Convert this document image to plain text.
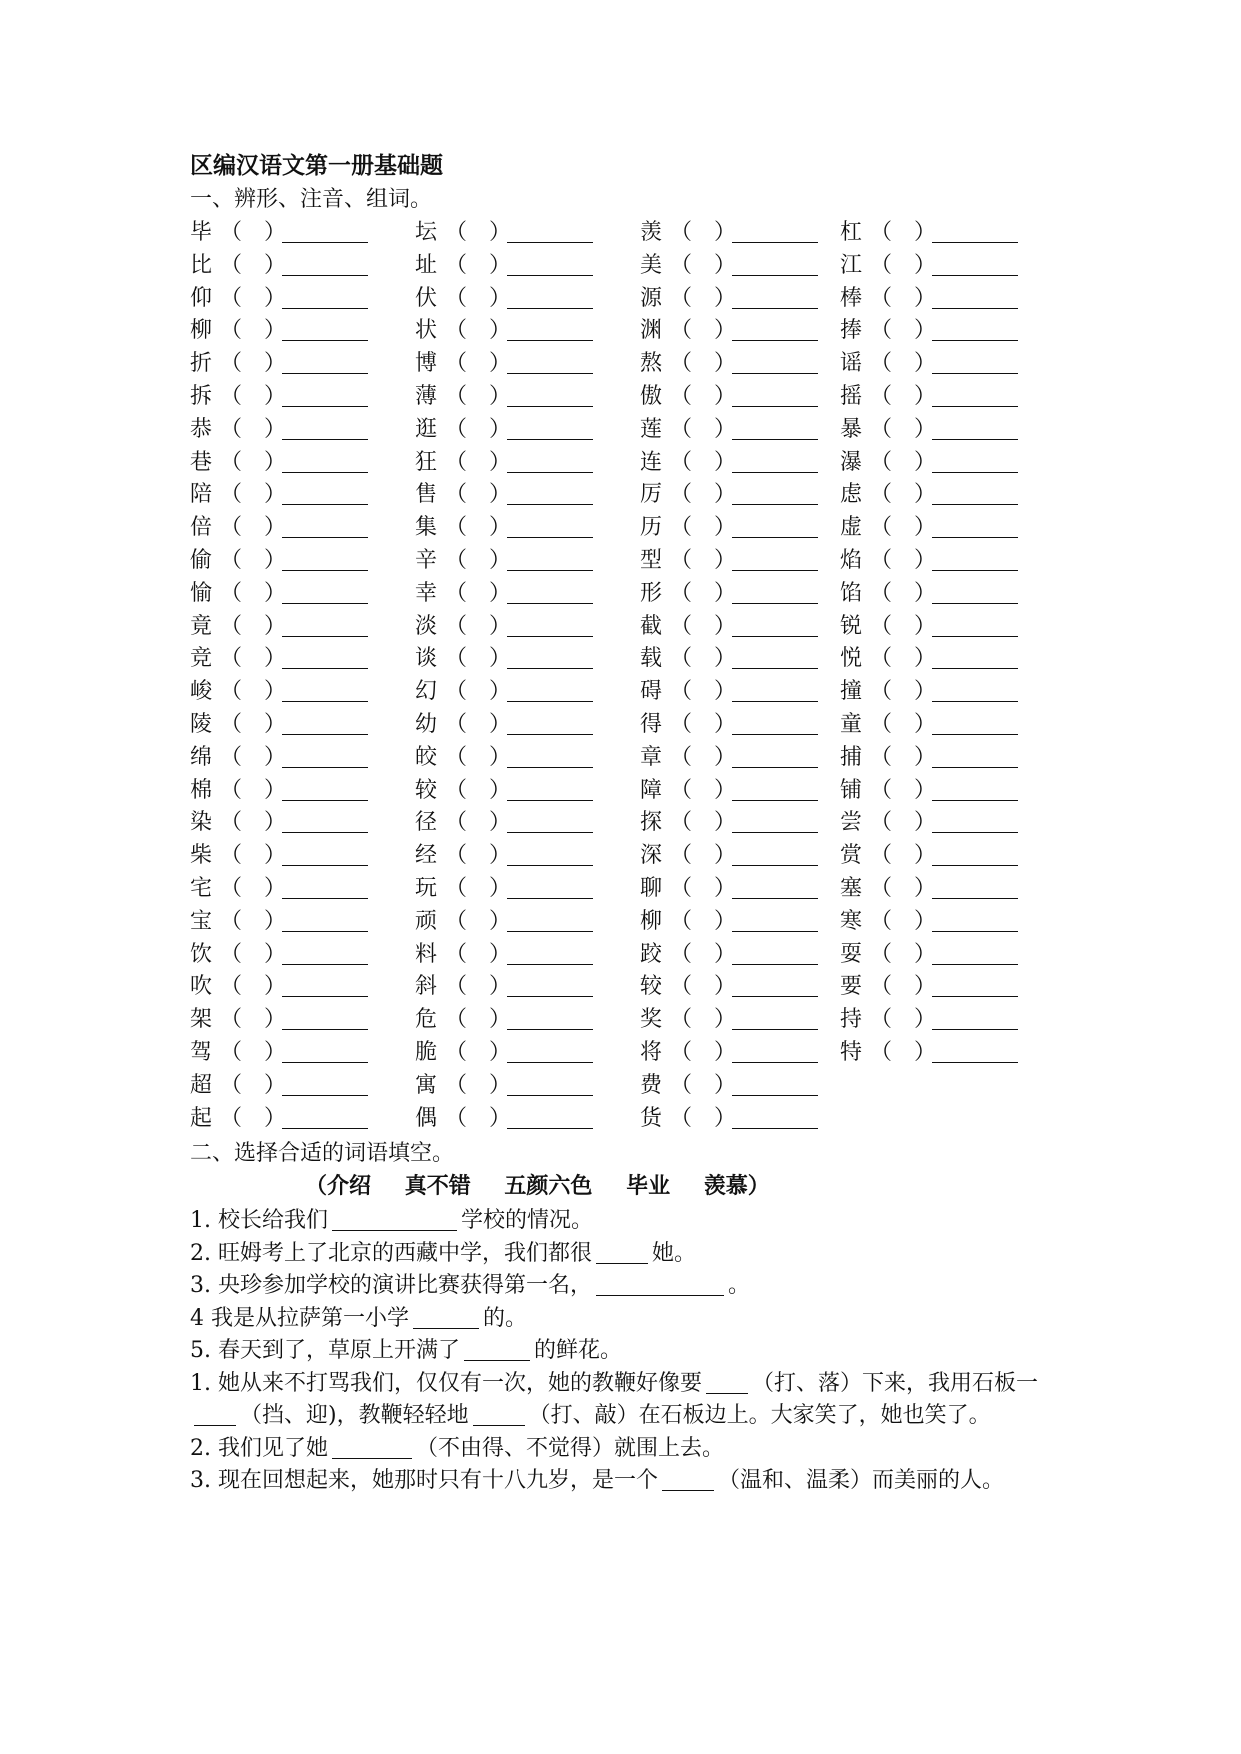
区编汉语文第一册基础题
一、辨形、注音、组词。
毕 （　）	坛 （　）	羡 （　）	杠 （　）
比 （　）	址 （　）	美 （　）	江 （　）
仰 （　）	伏 （　）	源 （　）	棒 （　）
柳 （　）	状 （　）	渊 （　）	捧 （　）
折 （　）	博 （　）	熬 （　）	谣 （　）
拆 （　）	薄 （　）	傲 （　）	摇 （　）
恭 （　）	逛 （　）	莲 （　）	暴 （　）
巷 （　）	狂 （　）	连 （　）	瀑 （　）
陪 （　）	售 （　）	厉 （　）	虑 （　）
倍 （　）	集 （　）	历 （　）	虚 （　）
偷 （　）	辛 （　）	型 （　）	焰 （　）
愉 （　）	幸 （　）	形 （　）	馅 （　）
竟 （　）	淡 （　）	截 （　）	锐 （　）
竞 （　）	谈 （　）	载 （　）	悦 （　）
峻 （　）	幻 （　）	碍 （　）	撞 （　）
陵 （　）	幼 （　）	得 （　）	童 （　）
绵 （　）	皎 （　）	章 （　）	捕 （　）
棉 （　）	较 （　）	障 （　）	铺 （　）
染 （　）	径 （　）	探 （　）	尝 （　）
柴 （　）	经 （　）	深 （　）	赏 （　）
宅 （　）	玩 （　）	聊 （　）	塞 （　）
宝 （　）	顽 （　）	柳 （　）	寒 （　）
饮 （　）	料 （　）	跤 （　）	耍 （　）
吹 （　）	斜 （　）	较 （　）	要 （　）
架 （　）	危 （　）	奖 （　）	持 （　）
驾 （　）	脆 （　）	将 （　）	特 （　）
超 （　）	寓 （　）	费 （　）
起 （　）	偶 （　）	货 （　）
二、选择合适的词语填空。
（介绍 真不错 五颜六色 毕业 羡慕）
1. 校长给我们	学校的情况。
2. 旺姆考上了北京的西藏中学，我们都很	她。
3. 央珍参加学校的演讲比赛获得第一名，	。
4 我是从拉萨第一小学	的。
5. 春天到了，草原上开满了	的鲜花。
1. 她从来不打骂我们，仅仅有一次，她的教鞭好像要 （打、落）下来，我用石板一（挡、迎)，教鞭轻轻地	（打、敲）在石板边上。大家笑了，她也笑了。
2. 我们见了她	（不由得、不觉得）就围上去。
3. 现在回想起来，她那时只有十八九岁，是一个	（温和、温柔）而美丽的人。
